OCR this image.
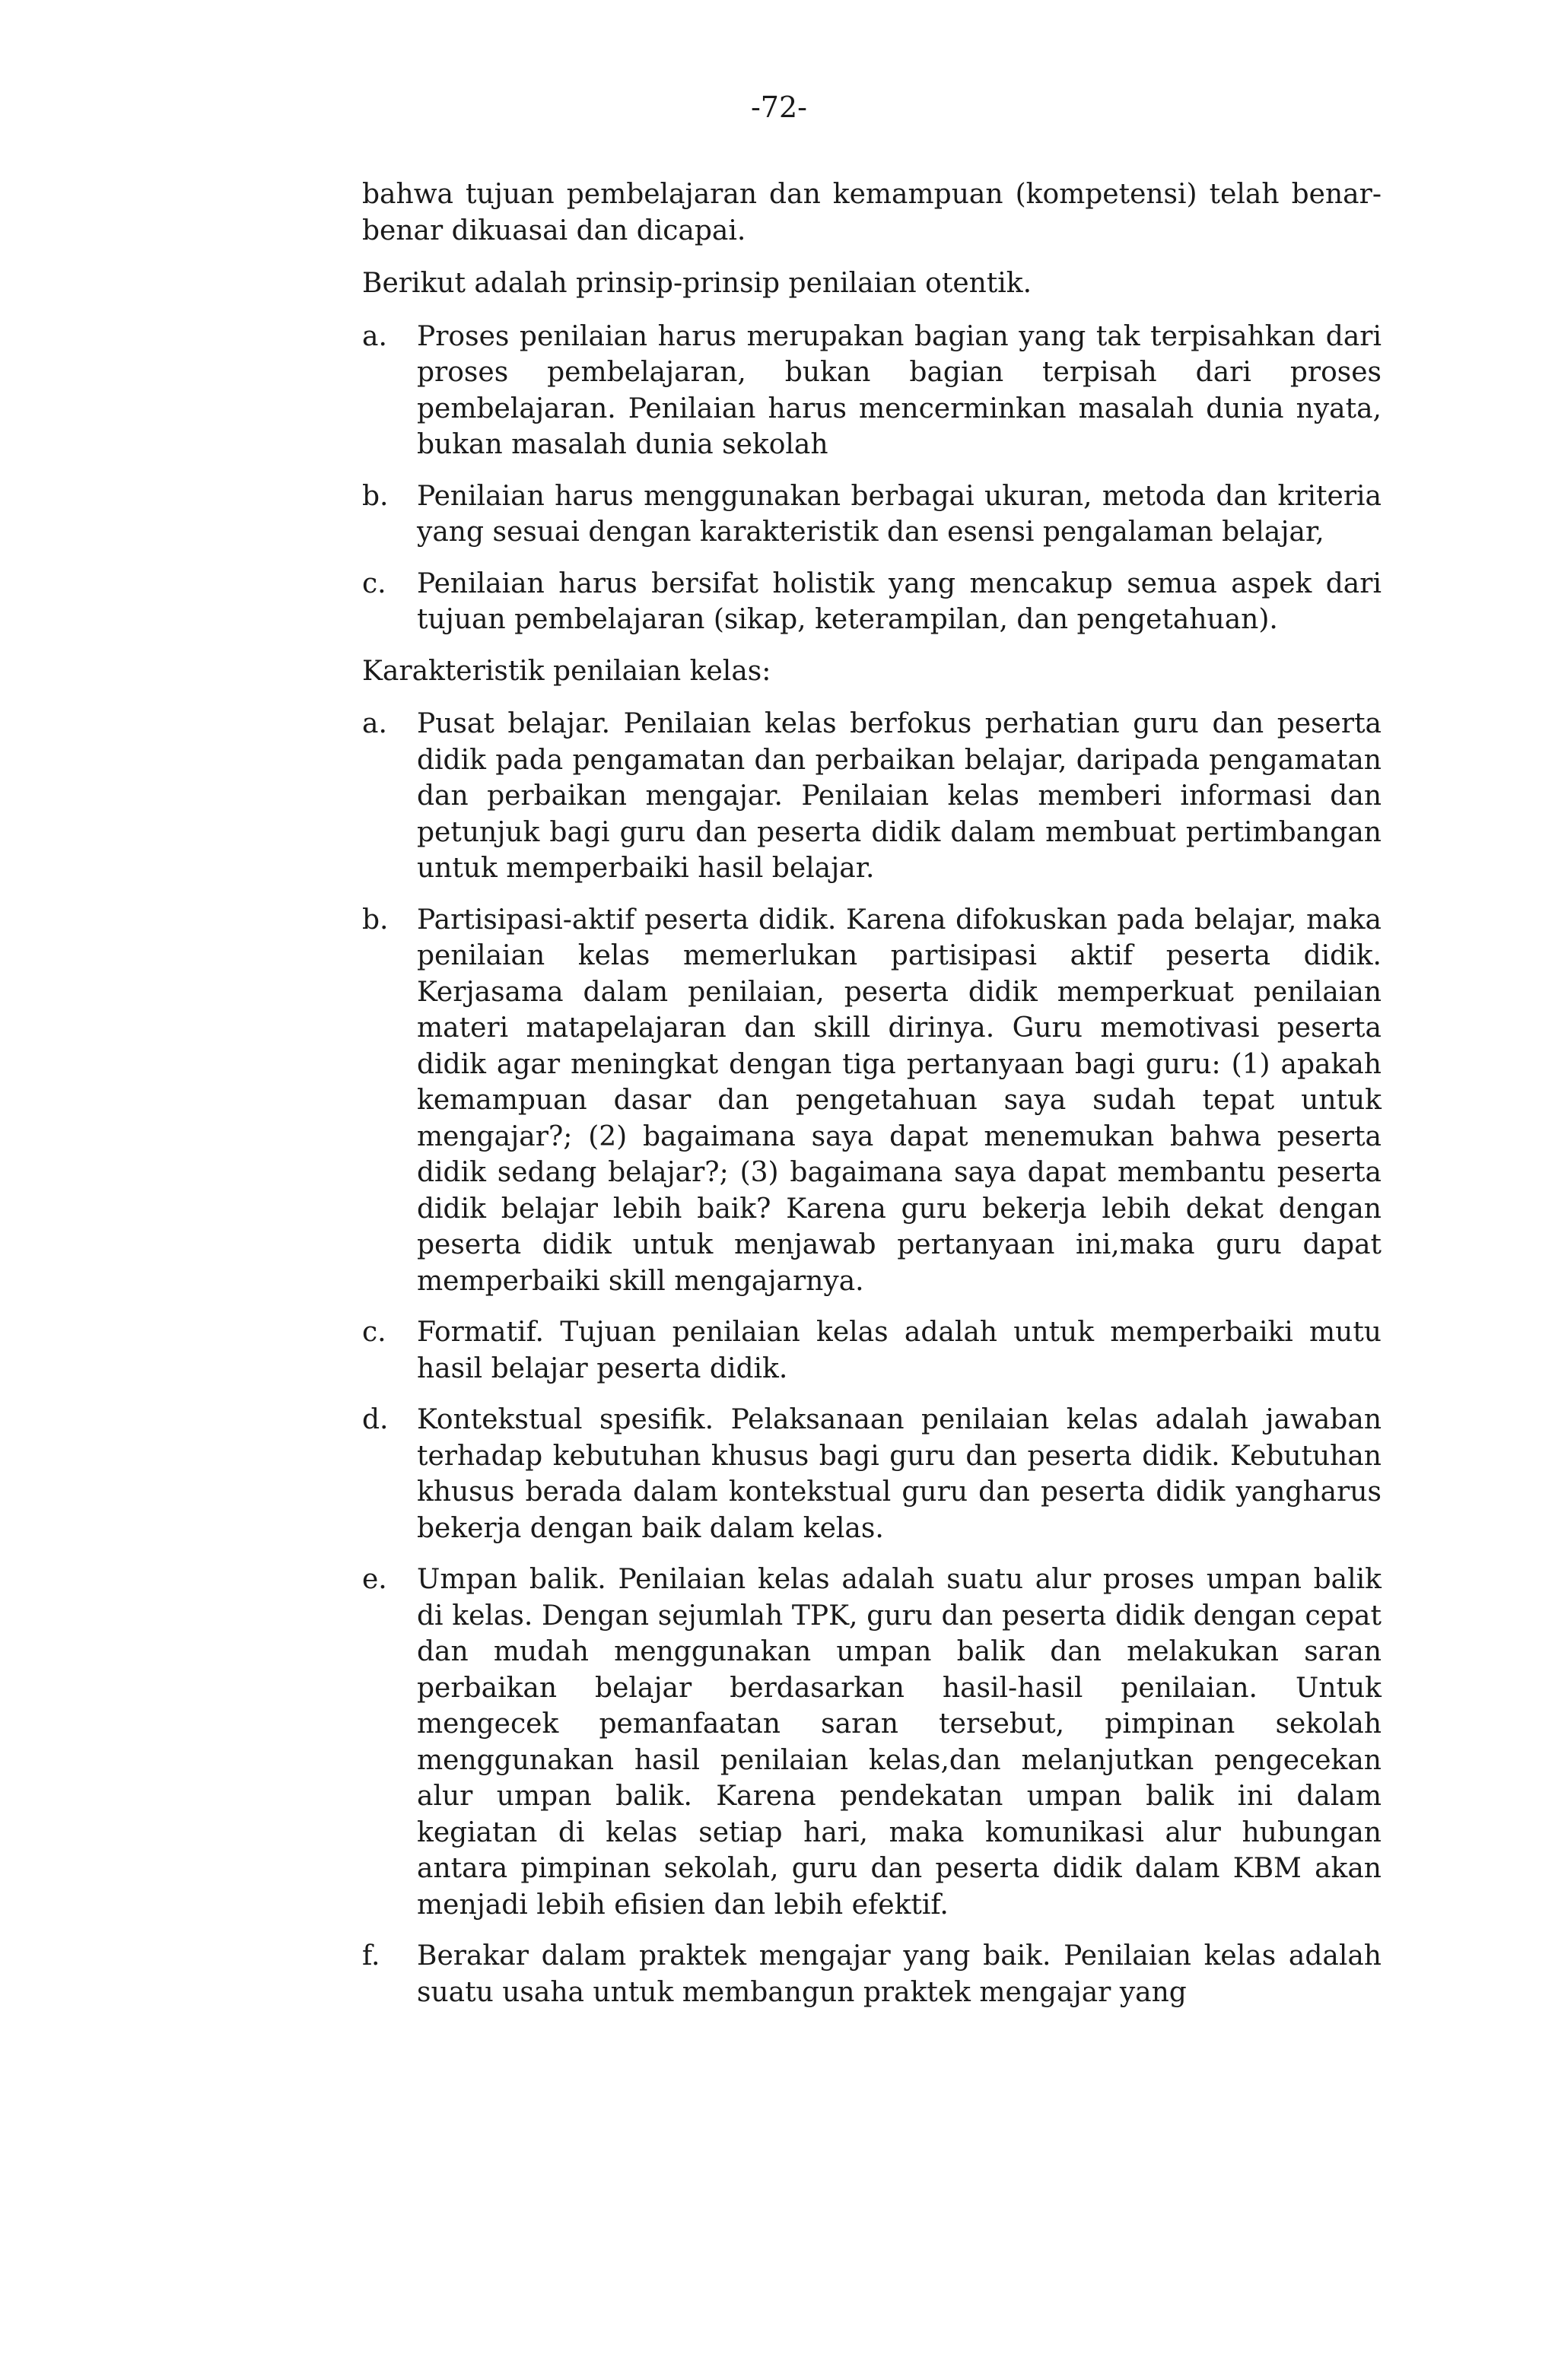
-72-

bahwa tujuan pembelajaran dan kemampuan (kompetensi) telah benar-benar dikuasai dan dicapai.

Berikut adalah prinsip-prinsip penilaian otentik.

a. Proses penilaian harus merupakan bagian yang tak terpisahkan dari proses pembelajaran, bukan bagian terpisah dari proses pembelajaran. Penilaian harus mencerminkan masalah dunia nyata, bukan masalah dunia sekolah
b. Penilaian harus menggunakan berbagai ukuran, metoda dan kriteria yang sesuai dengan karakteristik dan esensi pengalaman belajar,
c. Penilaian harus bersifat holistik yang mencakup semua aspek dari tujuan pembelajaran (sikap, keterampilan, dan pengetahuan).

Karakteristik penilaian kelas:

a. Pusat belajar. Penilaian kelas berfokus perhatian guru dan peserta didik pada pengamatan dan perbaikan belajar, daripada pengamatan dan perbaikan mengajar. Penilaian kelas memberi informasi dan petunjuk bagi guru dan peserta didik dalam membuat pertimbangan untuk memperbaiki hasil belajar.
b. Partisipasi-aktif peserta didik. Karena difokuskan pada belajar, maka penilaian kelas memerlukan partisipasi aktif peserta didik. Kerjasama dalam penilaian, peserta didik memperkuat penilaian materi matapelajaran dan skill dirinya. Guru memotivasi peserta didik agar meningkat dengan tiga pertanyaan bagi guru: (1) apakah kemampuan dasar dan pengetahuan saya sudah tepat untuk mengajar?; (2) bagaimana saya dapat menemukan bahwa peserta didik sedang belajar?; (3) bagaimana saya dapat membantu peserta didik belajar lebih baik? Karena guru bekerja lebih dekat dengan peserta didik untuk menjawab pertanyaan ini,maka guru dapat memperbaiki skill mengajarnya.
c. Formatif. Tujuan penilaian kelas adalah untuk memperbaiki mutu hasil belajar peserta didik.
d. Kontekstual spesifik. Pelaksanaan penilaian kelas adalah jawaban terhadap kebutuhan khusus bagi guru dan peserta didik. Kebutuhan khusus berada dalam kontekstual guru dan peserta didik yangharus bekerja dengan baik dalam kelas.
e. Umpan balik. Penilaian kelas adalah suatu alur proses umpan balik di kelas. Dengan sejumlah TPK, guru dan peserta didik dengan cepat dan mudah menggunakan umpan balik dan melakukan saran perbaikan belajar berdasarkan hasil-hasil penilaian. Untuk mengecek pemanfaatan saran tersebut, pimpinan sekolah menggunakan hasil penilaian kelas,dan melanjutkan pengecekan alur umpan balik. Karena pendekatan umpan balik ini dalam kegiatan di kelas setiap hari, maka komunikasi alur hubungan antara pimpinan sekolah, guru dan peserta didik dalam KBM akan menjadi lebih efisien dan lebih efektif.
f. Berakar dalam praktek mengajar yang baik. Penilaian kelas adalah suatu usaha untuk membangun praktek mengajar yang
